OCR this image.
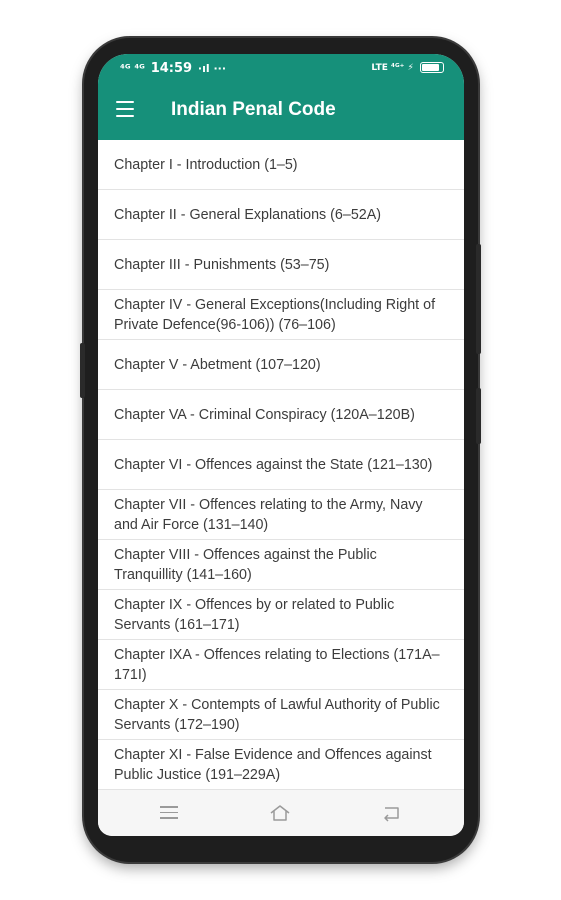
⁴ᴳ ⁴ᴳ 14:59 ·ıl ···	LTE ⁴ᴳ⁺ ⚡
Indian Penal Code
Chapter I - Introduction (1–5)
Chapter II - General Explanations (6–52A)
Chapter III - Punishments (53–75)
Chapter IV - General Exceptions(Including Right of Private Defence(96-106)) (76–106)
Chapter V - Abetment (107–120)
Chapter VA - Criminal Conspiracy (120A–120B)
Chapter VI - Offences against the State (121–130)
Chapter VII - Offences relating to the Army, Navy and Air Force (131–140)
Chapter VIII - Offences against the Public Tranquillity (141–160)
Chapter IX - Offences by or related to Public Servants (161–171)
Chapter IXA - Offences relating to Elections (171A–171I)
Chapter X - Contempts of Lawful Authority of Public Servants (172–190)
Chapter XI - False Evidence and Offences against Public Justice (191–229A)
